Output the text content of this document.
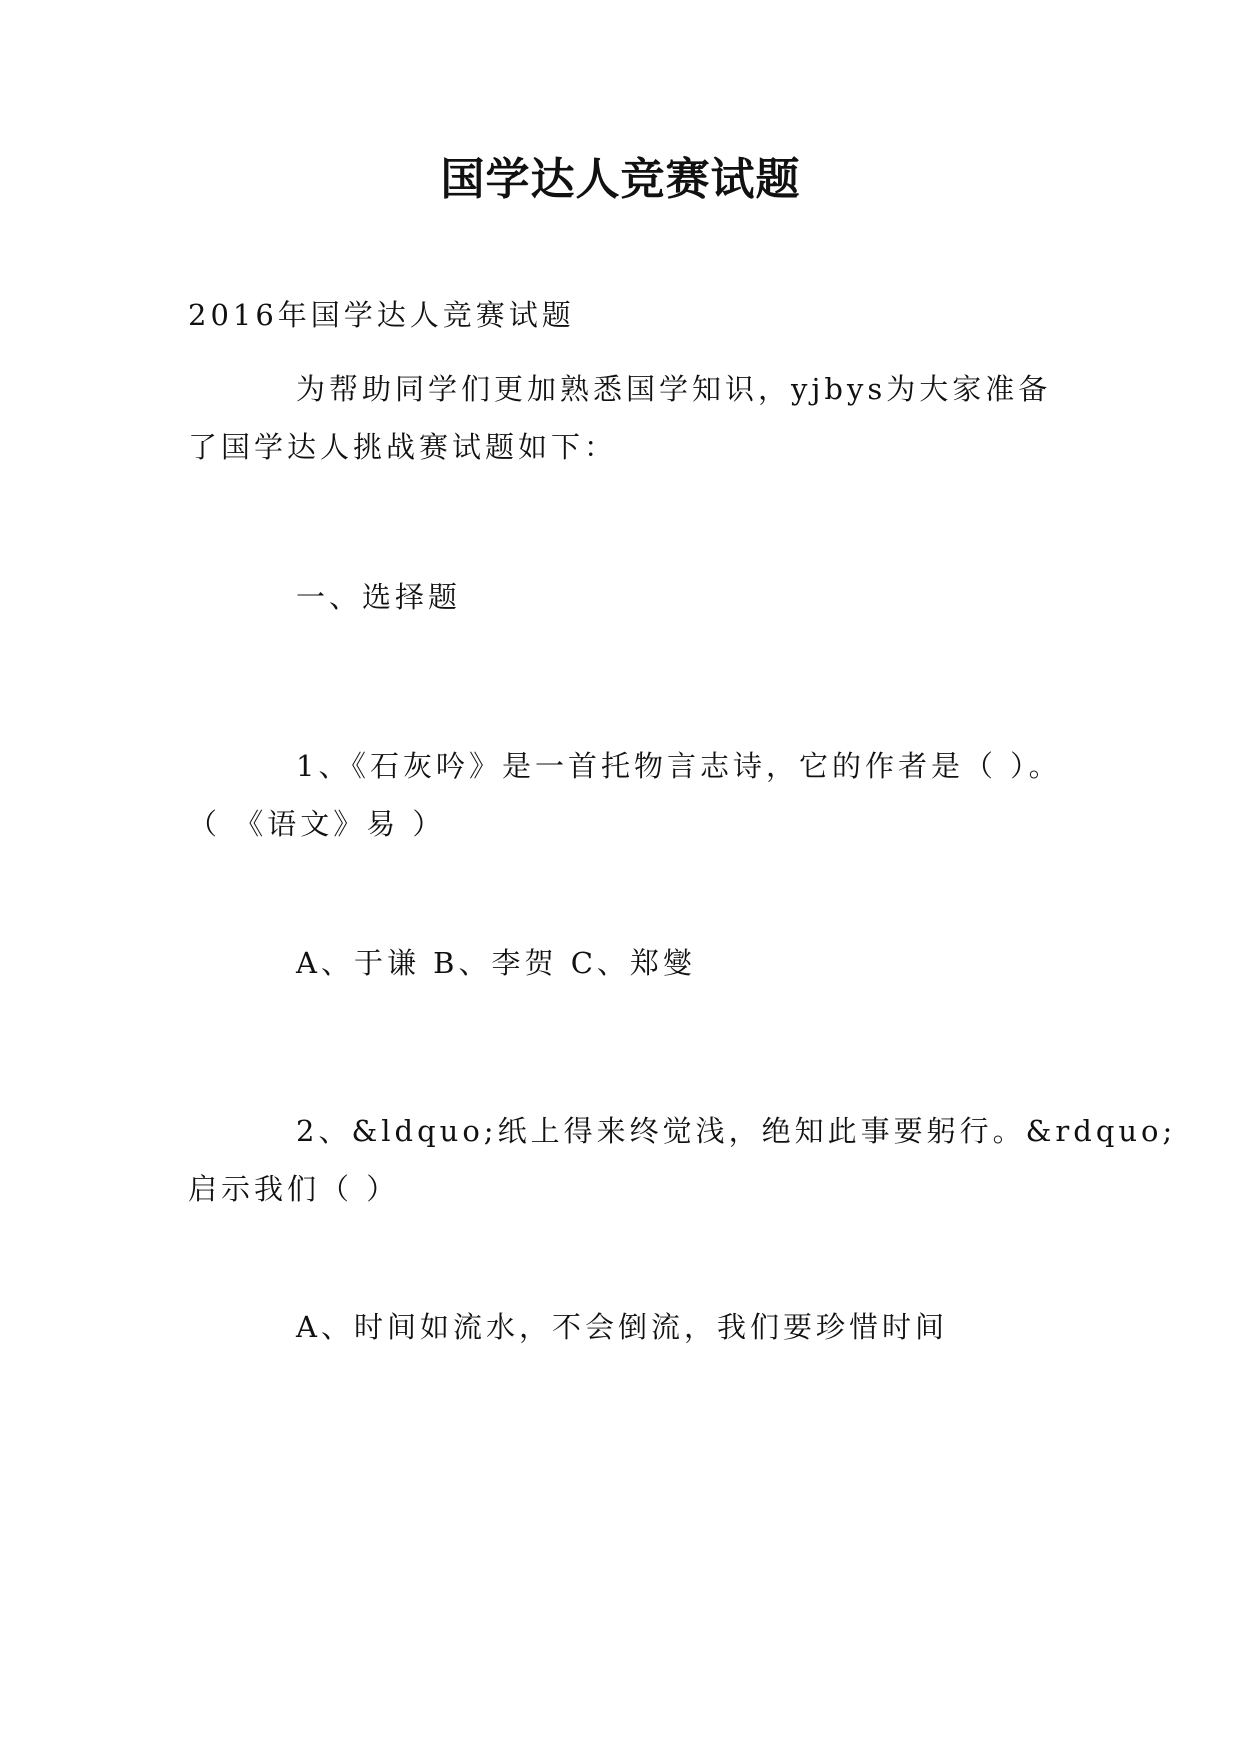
国学达人竞赛试题

2016年国学达人竞赛试题

为帮助同学们更加熟悉国学知识，yjbys为大家准备
了国学达人挑战赛试题如下：

一、选择题

1、《石灰吟》是一首托物言志诗，它的作者是（ ）。
（ 《语文》易 ）

A、于谦 B、李贺 C、郑燮

2、&ldquo;纸上得来终觉浅，绝知此事要躬行。&rdquo;
启示我们（ ）

A、时间如流水，不会倒流，我们要珍惜时间
